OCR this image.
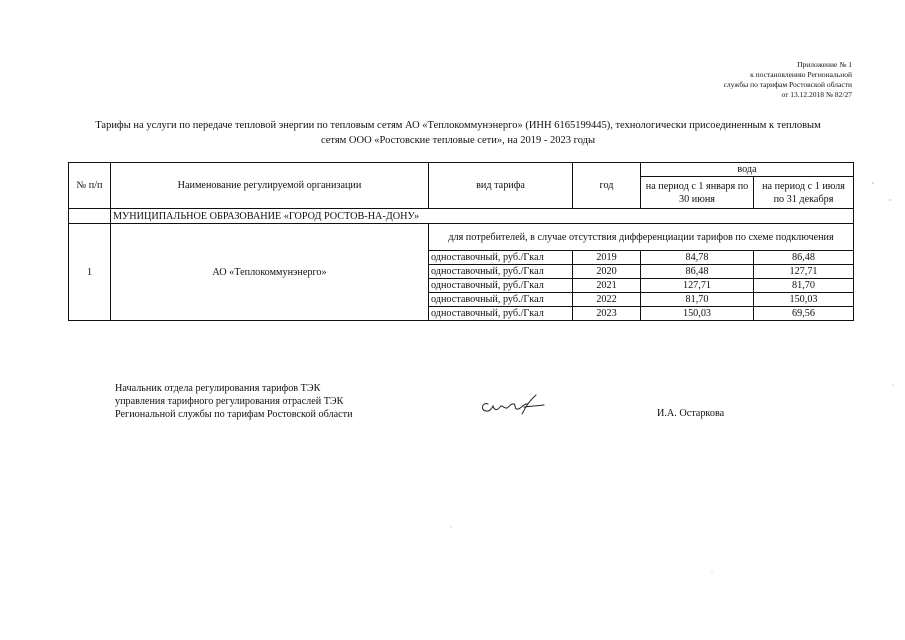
Приложение № 1
к постановлению Региональной
службы по тарифам Ростовской области
от 13.12.2018 № 82/27
Тарифы на услуги по передаче тепловой энергии по тепловым сетям АО «Теплокоммунэнерго» (ИНН 6165199445), технологически присоединенным к тепловым
сетям ООО «Ростовские тепловые сети», на 2019 - 2023 годы
№ п/п	Наименование регулируемой организации	вид тарифа	год	вода	
				на период с 1 января по 30 июня	на период с 1 июля по 31 декабря
	МУНИЦИПАЛЬНОЕ ОБРАЗОВАНИЕ «ГОРОД РОСТОВ-НА-ДОНУ»				
1	АО «Теплокоммунэнерго»	для потребителей, в случае отсутствия дифференциации тарифов по схеме подключения			
		одноставочный, руб./Гкал	2019	84,78	86,48
		одноставочный, руб./Гкал	2020	86,48	127,71
		одноставочный, руб./Гкал	2021	127,71	81,70
		одноставочный, руб./Гкал	2022	81,70	150,03
		одноставочный, руб./Гкал	2023	150,03	69,56
Начальник отдела регулирования тарифов ТЭК
управления тарифного регулирования отраслей ТЭК
Региональной службы по тарифам Ростовской области	И.А. Остаркова
